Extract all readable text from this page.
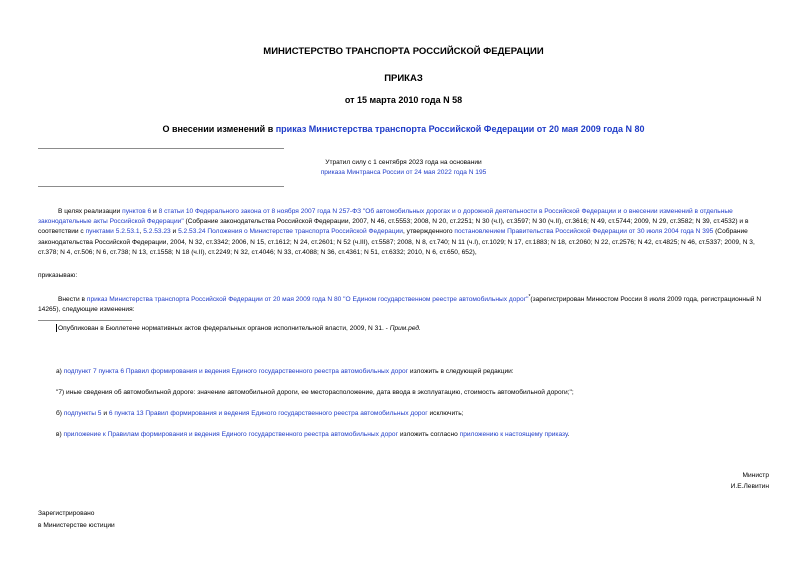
МИНИСТЕРСТВО ТРАНСПОРТА РОССИЙСКОЙ ФЕДЕРАЦИИ
ПРИКАЗ
от 15 марта 2010 года N 58
О внесении изменений в приказ Министерства транспорта Российской Федерации от 20 мая 2009 года N 80
Утратил силу с 1 сентября 2023 года на основании
приказа Минтранса России от 24 мая 2022 года N 195
В целях реализации пунктов 6 и 8 статьи 10 Федерального закона от 8 ноября 2007 года N 257-ФЗ "Об автомобильных дорогах и о дорожной деятельности в Российской Федерации и о внесении изменений в отдельные законодательные акты Российской Федерации" (Собрание законодательства Российской Федерации, 2007, N 46, ст.5553; 2008, N 20, ст.2251; N 30 (ч.I), ст.3597; N 30 (ч.II), ст.3616; N 49, ст.5744; 2009, N 29, ст.3582; N 39, ст.4532) и в соответствии с пунктами 5.2.53.1, 5.2.53.23 и 5.2.53.24 Положения о Министерстве транспорта Российской Федерации, утвержденного постановлением Правительства Российской Федерации от 30 июля 2004 года N 395 (Собрание законодательства Российской Федерации, 2004, N 32, ст.3342; 2006, N 15, ст.1612; N 24, ст.2601; N 52 (ч.III), ст.5587; 2008, N 8, ст.740; N 11 (ч.I), ст.1029; N 17, ст.1883; N 18, ст.2060; N 22, ст.2576; N 42, ст.4825; N 46, ст.5337; 2009, N 3, ст.378; N 4, ст.506; N 6, ст.738; N 13, ст.1558; N 18 (ч.II), ст.2249; N 32, ст.4046; N 33, ст.4088; N 36, ст.4361; N 51, ст.6332; 2010, N 6, ст.650, 652),
приказываю:
Внести в приказ Министерства транспорта Российской Федерации от 20 мая 2009 года N 80 "О Едином государственном реестре автомобильных дорог"*(зарегистрирован Минюстом России 8 июля 2009 года, регистрационный N 14265), следующие изменения:
Опубликован в Бюллетене нормативных актов федеральных органов исполнительной власти, 2009, N 31. - Прим.ред.
а) подпункт 7 пункта 6 Правил формирования и ведения Единого государственного реестра автомобильных дорог изложить в следующей редакции:
"7) иные сведения об автомобильной дороге: значение автомобильной дороги, ее месторасположение, дата ввода в эксплуатацию, стоимость автомобильной дороги;";
б) подпункты 5 и 6 пункта 13 Правил формирования и ведения Единого государственного реестра автомобильных дорог исключить;
в) приложение к Правилам формирования и ведения Единого государственного реестра автомобильных дорог изложить согласно приложению к настоящему приказу.
Министр
И.Е.Левитин
Зарегистрировано
в Министерстве юстиции
